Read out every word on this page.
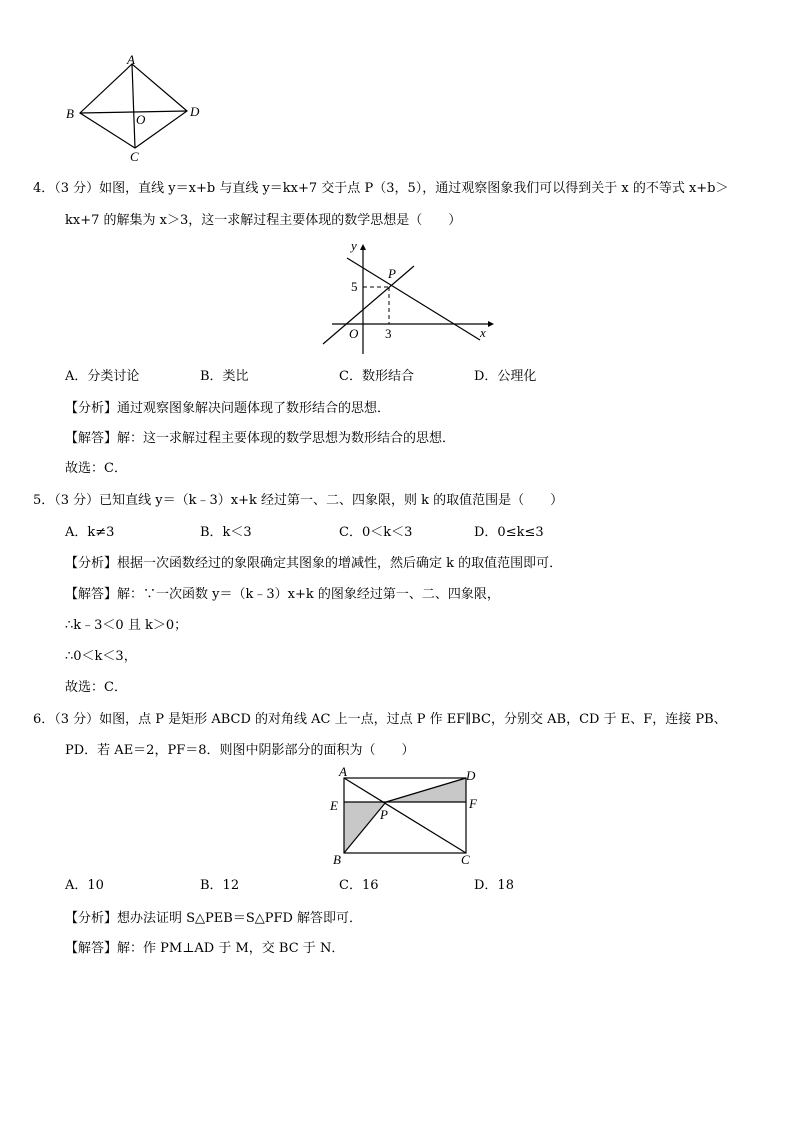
A
B
C
D
O
4．（3 分）如图，直线 y＝x+b 与直线 y＝kx+7 交于点 P（3，5），通过观察图象我们可以得到关于 x 的不等式 x+b＞
kx+7 的解集为 x＞3，这一求解过程主要体现的数学思想是（　　）
y
x
P
5
3
O
A．分类讨论	B．类比	C．数形结合	D．公理化
【分析】通过观察图象解决问题体现了数形结合的思想．
【解答】解：这一求解过程主要体现的数学思想为数形结合的思想．
故选：C．
5．（3 分）已知直线 y＝（k﹣3）x+k 经过第一、二、四象限，则 k 的取值范围是（　　）
A．k≠3	B．k＜3	C．0＜k＜3	D．0≤k≤3
【分析】根据一次函数经过的象限确定其图象的增减性，然后确定 k 的取值范围即可．
【解答】解：∵一次函数 y＝（k﹣3）x+k 的图象经过第一、二、四象限，
∴k﹣3＜0 且 k＞0；
∴0＜k＜3，
故选：C．
6．（3 分）如图，点 P 是矩形 ABCD 的对角线 AC 上一点，过点 P 作 EF∥BC，分别交 AB，CD 于 E、F，连接 PB、
PD．若 AE＝2，PF＝8．则图中阴影部分的面积为（　　）
A	D
E	F
P
B	C
A．10	B．12	C．16	D．18
【分析】想办法证明 S△PEB＝S△PFD 解答即可．
【解答】解：作 PM⊥AD 于 M，交 BC 于 N．
